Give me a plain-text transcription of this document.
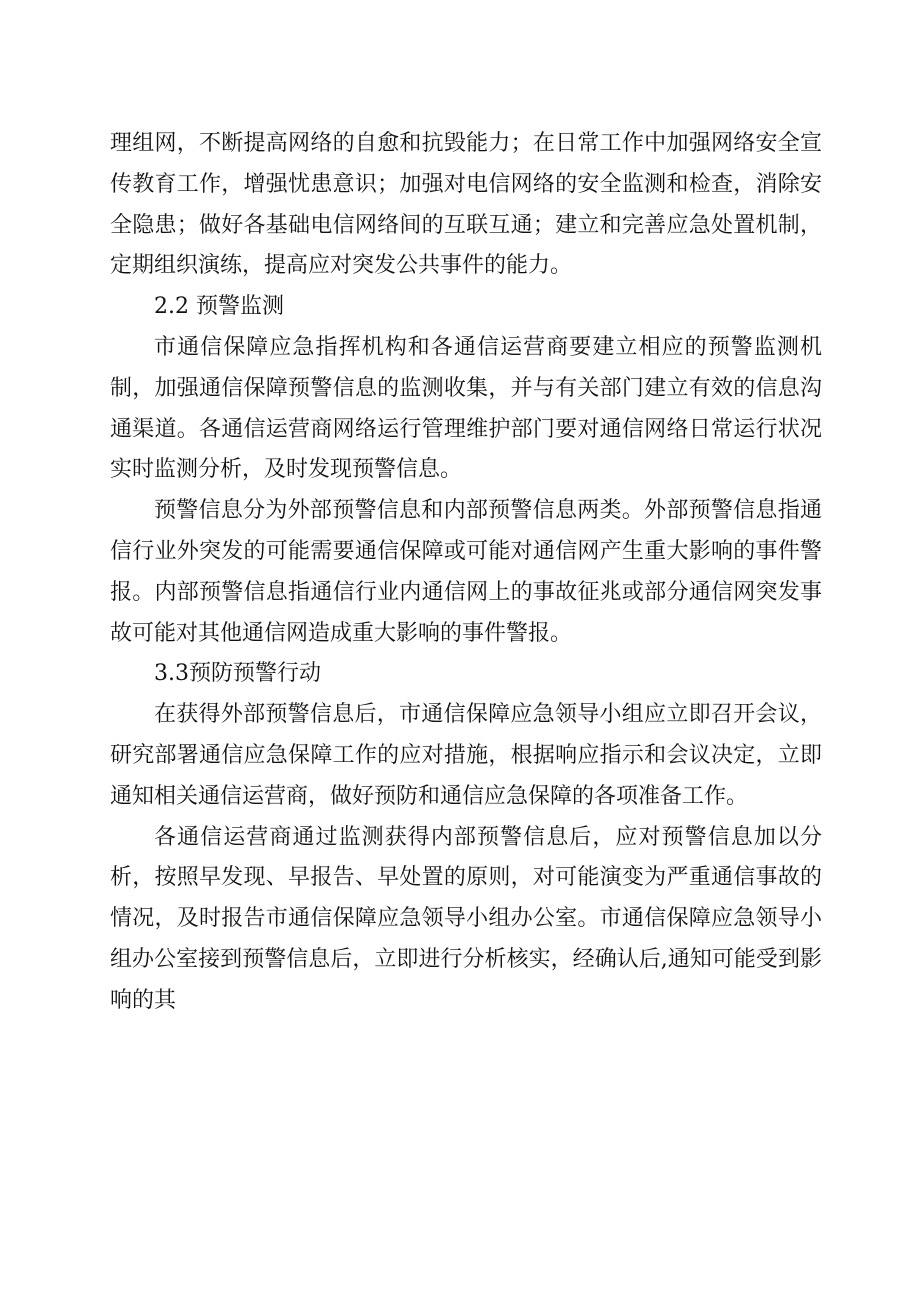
理组网，不断提高网络的自愈和抗毁能力；在日常工作中加强网络安全宣传教育工作，增强忧患意识；加强对电信网络的安全监测和检查，消除安全隐患；做好各基础电信网络间的互联互通；建立和完善应急处置机制，定期组织演练，提高应对突发公共事件的能力。

2.2 预警监测

市通信保障应急指挥机构和各通信运营商要建立相应的预警监测机制，加强通信保障预警信息的监测收集，并与有关部门建立有效的信息沟通渠道。各通信运营商网络运行管理维护部门要对通信网络日常运行状况实时监测分析，及时发现预警信息。

预警信息分为外部预警信息和内部预警信息两类。外部预警信息指通信行业外突发的可能需要通信保障或可能对通信网产生重大影响的事件警报。内部预警信息指通信行业内通信网上的事故征兆或部分通信网突发事故可能对其他通信网造成重大影响的事件警报。

3.3预防预警行动

在获得外部预警信息后，市通信保障应急领导小组应立即召开会议，研究部署通信应急保障工作的应对措施，根据响应指示和会议决定，立即通知相关通信运营商，做好预防和通信应急保障的各项准备工作。

各通信运营商通过监测获得内部预警信息后，应对预警信息加以分析，按照早发现、早报告、早处置的原则，对可能演变为严重通信事故的情况，及时报告市通信保障应急领导小组办公室。市通信保障应急领导小组办公室接到预警信息后，立即进行分析核实，经确认后,通知可能受到影响的其
